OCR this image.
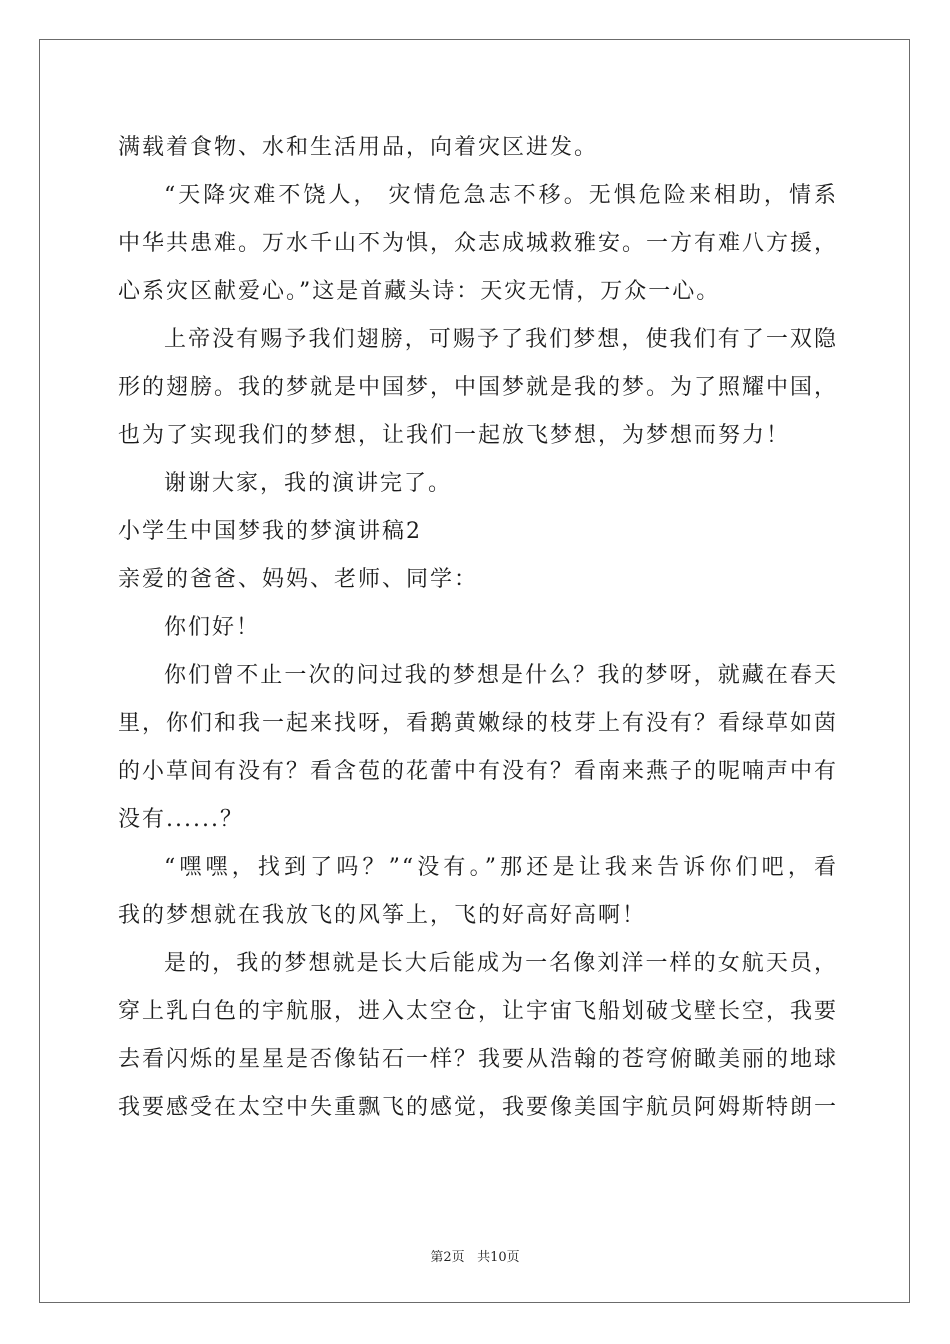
满载着食物、水和生活用品，向着灾区进发。
“天降灾难不饶人， 灾情危急志不移。无惧危险来相助，情系
中华共患难。万水千山不为惧，众志成城救雅安。一方有难八方援，
心系灾区献爱心。”这是首藏头诗：天灾无情，万众一心。
上帝没有赐予我们翅膀，可赐予了我们梦想，使我们有了一双隐
形的翅膀。我的梦就是中国梦，中国梦就是我的梦。为了照耀中国，
也为了实现我们的梦想，让我们一起放飞梦想，为梦想而努力！
谢谢大家，我的演讲完了。
小学生中国梦我的梦演讲稿2
亲爱的爸爸、妈妈、老师、同学：
你们好！
你们曾不止一次的问过我的梦想是什么？我的梦呀，就藏在春天
里，你们和我一起来找呀，看鹅黄嫩绿的枝芽上有没有？看绿草如茵
的小草间有没有？看含苞的花蕾中有没有？看南来燕子的呢喃声中有
没有......？
“嘿嘿，找到了吗？”“没有。”那还是让我来告诉你们吧，看
我的梦想就在我放飞的风筝上，飞的好高好高啊！
是的，我的梦想就是长大后能成为一名像刘洋一样的女航天员，
穿上乳白色的宇航服，进入太空仓，让宇宙飞船划破戈壁长空，我要
去看闪烁的星星是否像钻石一样？我要从浩翰的苍穹俯瞰美丽的地球
我要感受在太空中失重飘飞的感觉，我要像美国宇航员阿姆斯特朗一
第2页 共10页
